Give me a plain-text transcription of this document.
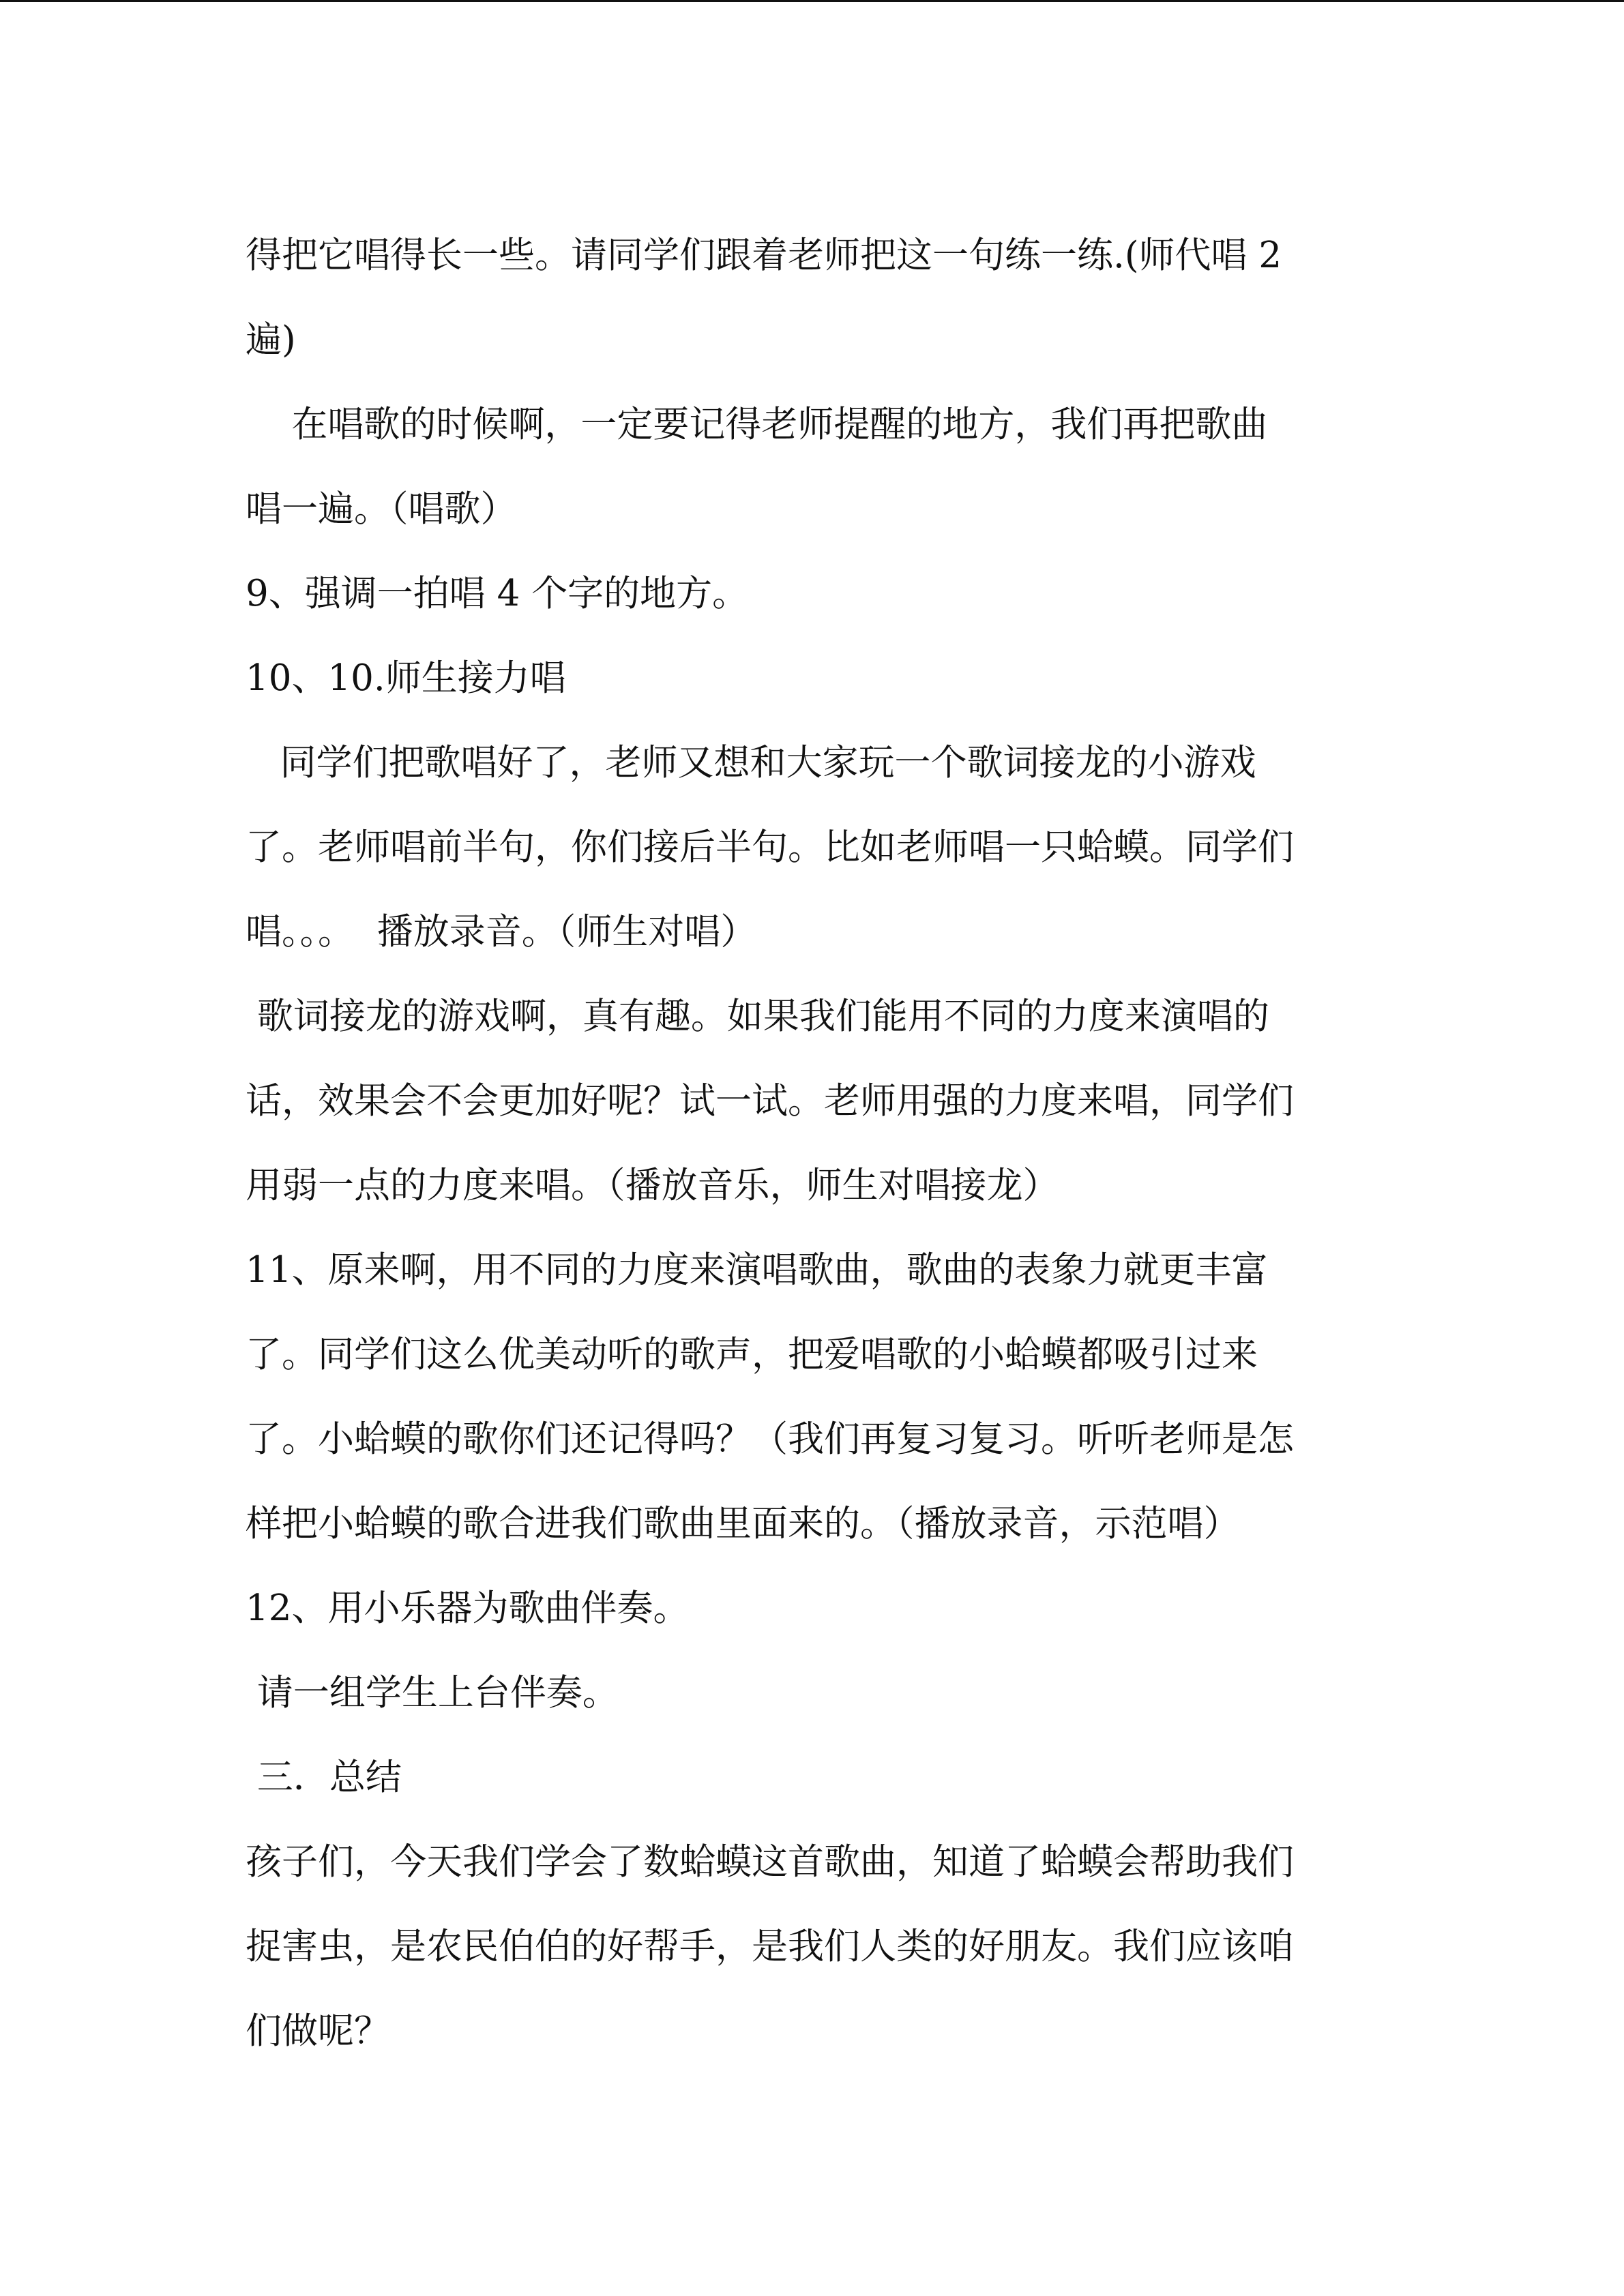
得把它唱得长一些。请同学们跟着老师把这一句练一练.(师代唱 2

遍)

在唱歌的时候啊，一定要记得老师提醒的地方，我们再把歌曲

唱一遍。（唱歌）

9、强调一拍唱 4 个字的地方。

10、10.师生接力唱

同学们把歌唱好了，老师又想和大家玩一个歌词接龙的小游戏

了。老师唱前半句，你们接后半句。比如老师唱一只蛤蟆。同学们

唱。。。  播放录音。（师生对唱）

歌词接龙的游戏啊，真有趣。如果我们能用不同的力度来演唱的

话，效果会不会更加好呢？试一试。老师用强的力度来唱，同学们

用弱一点的力度来唱。（播放音乐，师生对唱接龙）

11、原来啊，用不同的力度来演唱歌曲，歌曲的表象力就更丰富

了。同学们这么优美动听的歌声，把爱唱歌的小蛤蟆都吸引过来

了。小蛤蟆的歌你们还记得吗？（我们再复习复习。听听老师是怎

样把小蛤蟆的歌合进我们歌曲里面来的。（播放录音，示范唱）

12、用小乐器为歌曲伴奏。

请一组学生上台伴奏。

三．总结

孩子们，今天我们学会了数蛤蟆这首歌曲，知道了蛤蟆会帮助我们

捉害虫，是农民伯伯的好帮手，是我们人类的好朋友。我们应该咱

们做呢？
